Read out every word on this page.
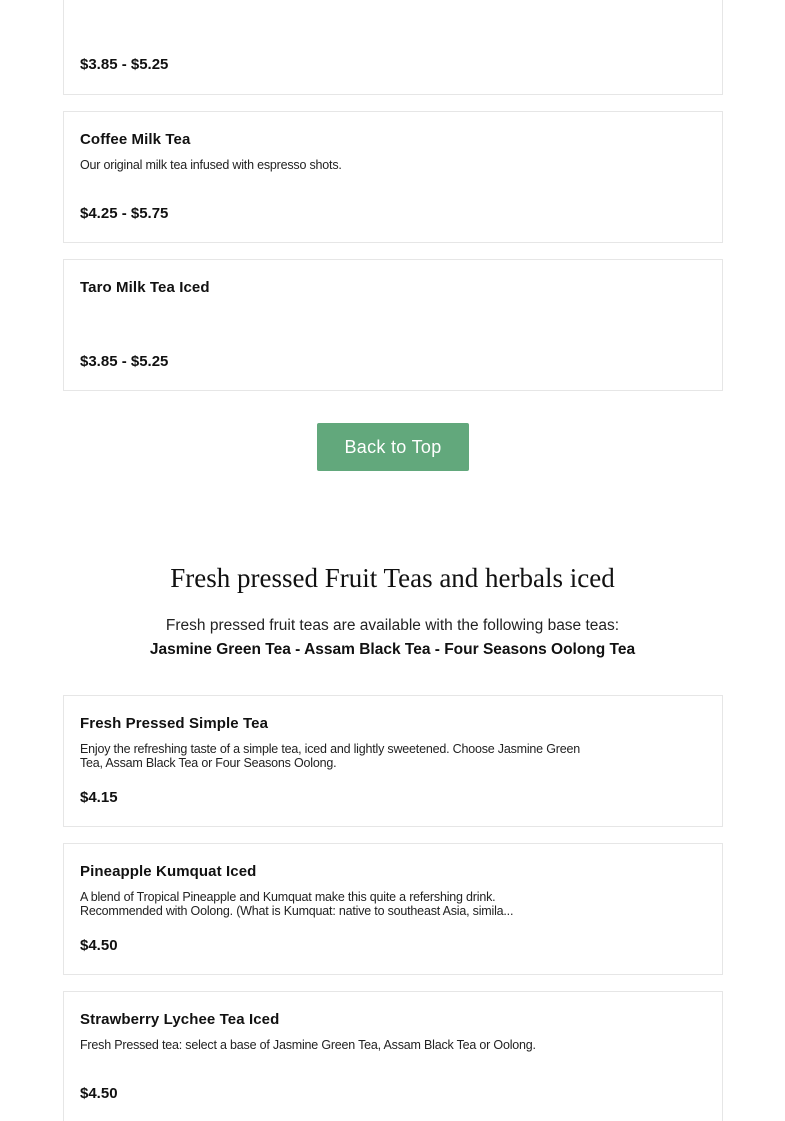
$3.85 - $5.25
Coffee Milk Tea
Our original milk tea infused with espresso shots.
$4.25 - $5.75
Taro Milk Tea Iced
$3.85 - $5.25
Back to Top
Fresh pressed Fruit Teas and herbals iced
Fresh pressed fruit teas are available with the following base teas:
Jasmine Green Tea - Assam Black Tea - Four Seasons Oolong Tea
Fresh Pressed Simple Tea
Enjoy the refreshing taste of a simple tea, iced and lightly sweetened. Choose Jasmine Green Tea, Assam Black Tea or Four Seasons Oolong.
$4.15
Pineapple Kumquat Iced
A blend of Tropical Pineapple and Kumquat make this quite a refershing drink. Recommended with Oolong. (What is Kumquat: native to southeast Asia, simila...
$4.50
Strawberry Lychee Tea Iced
Fresh Pressed tea: select a base of Jasmine Green Tea, Assam Black Tea or Oolong.
$4.50
